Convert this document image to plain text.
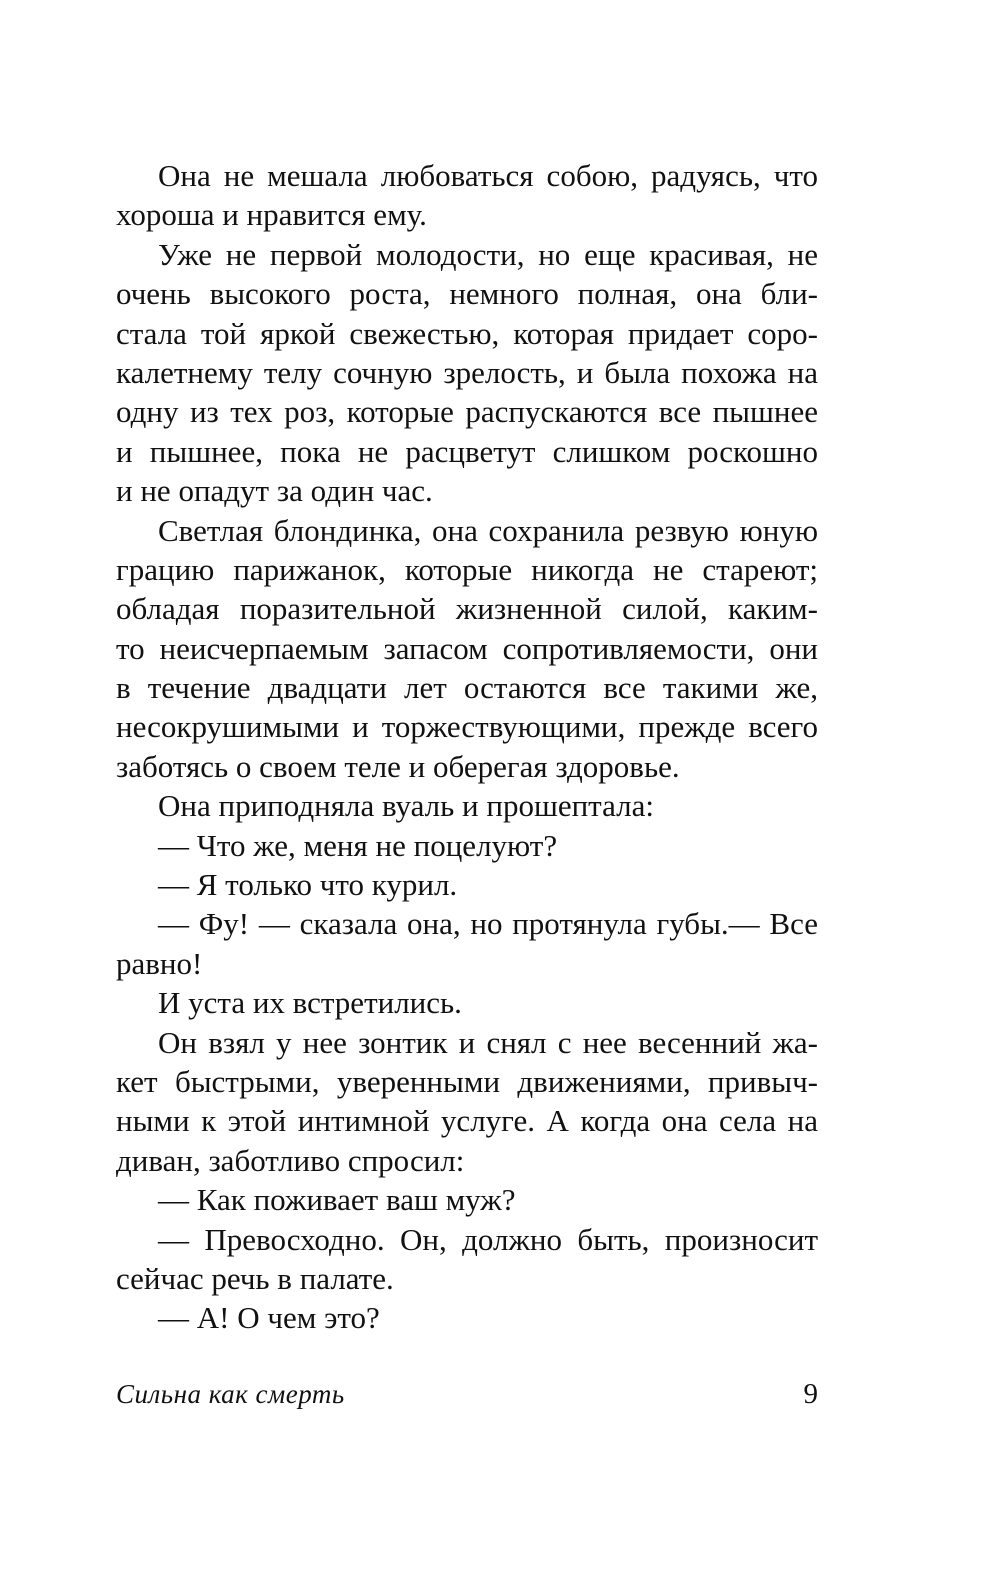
Она не мешала любоваться собою, радуясь, что
хороша и нравится ему.
Уже не первой молодости, но еще красивая, не
очень высокого роста, немного полная, она бли-
стала той яркой свежестью, которая придает соро-
калетнему телу сочную зрелость, и была похожа на
одну из тех роз, которые распускаются все пышнее
и пышнее, пока не расцветут слишком роскошно
и не опадут за один час.
Светлая блондинка, она сохранила резвую юную
грацию парижанок, которые никогда не стареют;
обладая поразительной жизненной силой, каким-
то неисчерпаемым запасом сопротивляемости, они
в течение двадцати лет остаются все такими же,
несокрушимыми и торжествующими, прежде всего
заботясь о своем теле и оберегая здоровье.
Она приподняла вуаль и прошептала:
— Что же, меня не поцелуют?
— Я только что курил.
— Фу! — сказала она, но протянула губы.— Все
равно!
И уста их встретились.
Он взял у нее зонтик и снял с нее весенний жа-
кет быстрыми, уверенными движениями, привыч-
ными к этой интимной услуге. А когда она села на
диван, заботливо спросил:
— Как поживает ваш муж?
— Превосходно. Он, должно быть, произносит
сейчас речь в палате.
— А! О чем это?
Сильна как смерть	9
